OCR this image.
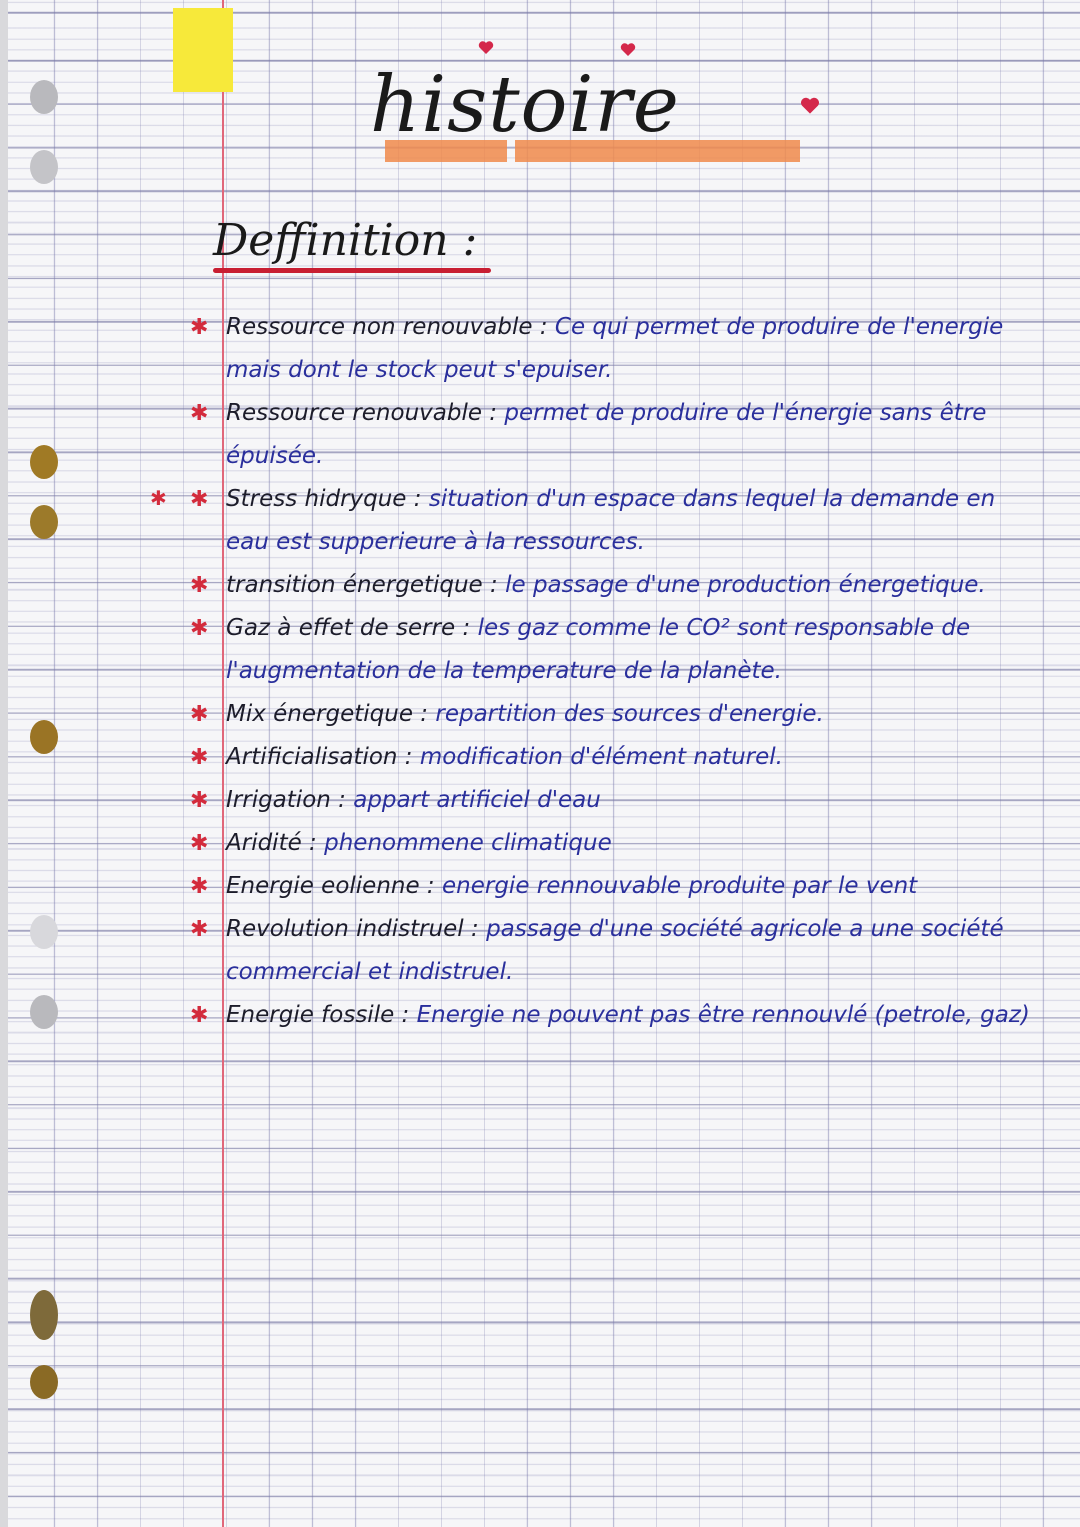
histoire
Deffinition :
✱
✱ Ressource non renouvable : Ce qui permet de produire de l'energie mais dont le stock peut s'epuiser.
✱ Ressource renouvable : permet de produire de l'énergie sans être épuisée.
✱ Stress hidryque : situation d'un espace dans lequel la demande en eau est supperieure à la ressources.
✱ transition énergetique : le passage d'une production énergetique.
✱ Gaz à effet de serre : les gaz comme le CO² sont responsable de l'augmentation de la temperature de la planète.
✱ Mix énergetique : repartition des sources d'energie.
✱ Artificialisation : modification d'élément naturel.
✱ Irrigation : appart artificiel d'eau
✱ Aridité : phenommene climatique
✱ Energie eolienne : energie rennouvable produite par le vent
✱ Revolution indistruel : passage d'une société agricole a une société commercial et indistruel.
✱ Energie fossile : Energie ne pouvent pas être rennouvlé (petrole, gaz)
